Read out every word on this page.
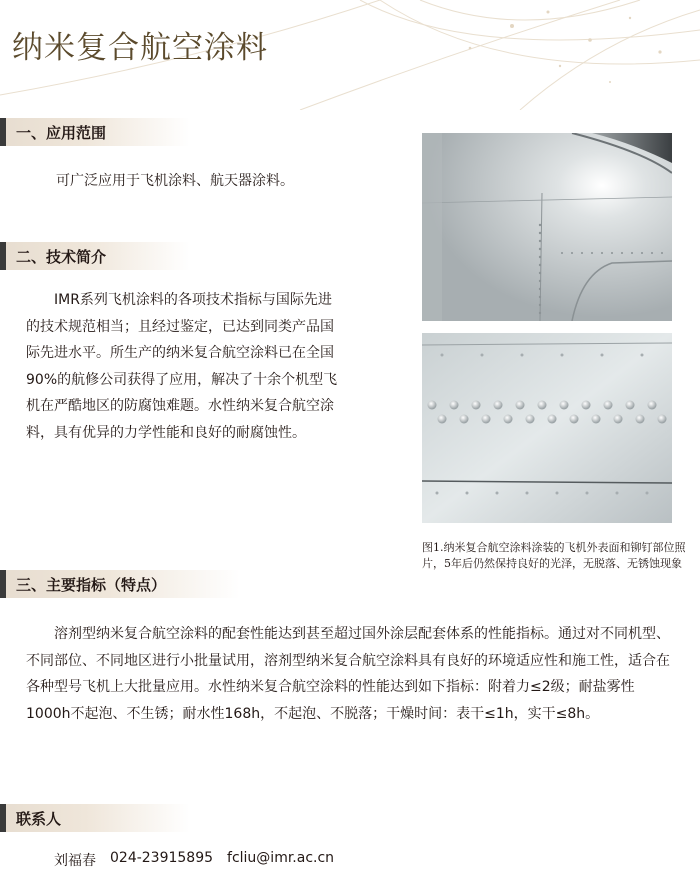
纳米复合航空涂料
一、应用范围
可广泛应用于飞机涂料、航天器涂料。
二、技术简介
IMR系列飞机涂料的各项技术指标与国际先进的技术规范相当；且经过鉴定，已达到同类产品国际先进水平。所生产的纳米复合航空涂料已在全国90%的航修公司获得了应用，解决了十余个机型飞机在严酷地区的防腐蚀难题。水性纳米复合航空涂料，具有优异的力学性能和良好的耐腐蚀性。
图1.纳米复合航空涂料涂装的飞机外表面和铆钉部位照片，5年后仍然保持良好的光泽，无脱落、无锈蚀现象
三、主要指标（特点）
溶剂型纳米复合航空涂料的配套性能达到甚至超过国外涂层配套体系的性能指标。通过对不同机型、不同部位、不同地区进行小批量试用，溶剂型纳米复合航空涂料具有良好的环境适应性和施工性，适合在各种型号飞机上大批量应用。水性纳米复合航空涂料的性能达到如下指标：附着力≤2级；耐盐雾性1000h不起泡、不生锈；耐水性168h，不起泡、不脱落；干燥时间：表干≤1h，实干≤8h。
联系人
刘福春 024-23915895 fcliu@imr.ac.cn
